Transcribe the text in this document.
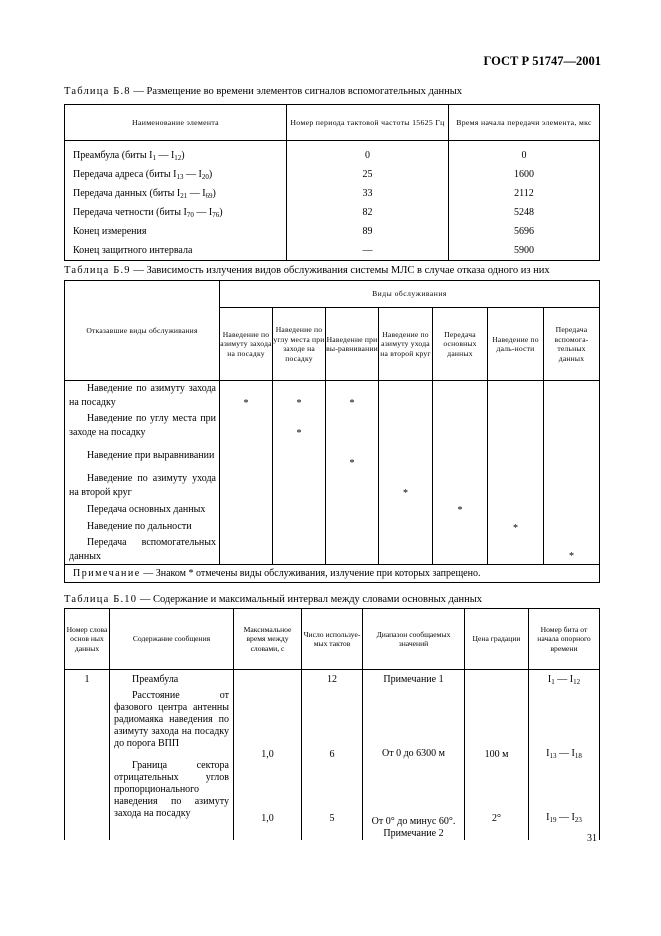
ГОСТ Р 51747—2001
Таблица Б.8 — Размещение во времени элементов сигналов вспомогательных данных
Наименование элемента	Номер периода тактовой частоты 15625 Гц	Время начала передачи элемента, мкс
Преамбула (биты $I_1$ — $I_{12}$)	0	0
Передача адреса (биты $I_{13}$ — $I_{20}$)	25	1600
Передача данных (биты $I_{21}$ — $I_{69}$)	33	2112
Передача четности (биты $I_{70}$ — $I_{76}$)	82	5248
Конец измерения	89	5696
Конец защитного интервала	—	5900
Таблица Б.9 — Зависимость излучения видов обслуживания системы МЛС в случае отказа одного из них
Отказавшие виды обслуживания	Виды обслуживания						
	Наведение по азимуту захода на посадку	Наведение по углу места при заходе на посадку	Наведение при вы-равнивании	Наведение по азимуту ухода на второй круг	Передача основных данных	Наведение по даль-ности	Передача вспомога-тельных данных
Наведение по азимуту захода на посадку	*	*	*				
Наведение по углу места при заходе на посадку		*					
Наведение при выравнивании			*				
Наведение по азимуту ухода на второй круг				*			
Передача основных данных					*		
Наведение по дальности						*	
Передача вспомогательных данных							*
Примечание — Знаком * отмечены виды обслуживания, излучение при которых запрещено.							
Таблица Б.10 — Содержание и максимальный интервал между словами основных данных
Номер слова основ ных данных	Содержание сообщения	Максимальное время между словами, с	Число используе-мых тактов	Диапазон сообщаемых значений	Цена градации	Номер бита от начала опорного времени
1	Преамбула		12	Примечание 1		$I_1$ — $I_{12}$
	Расстояние от фазового центра антенны радиомаяка наведения по азимуту захода на посадку до порога ВПП	1,0	6	От 0 до 6300 м	100 м	$I_{13}$ — $I_{18}$
	Граница сектора отрицательных углов пропорционального наведения по азимуту захода на посадку	1,0	5	От 0° до минус 60°. Примечание 2	2°	$I_{19}$ — $I_{23}$
31
